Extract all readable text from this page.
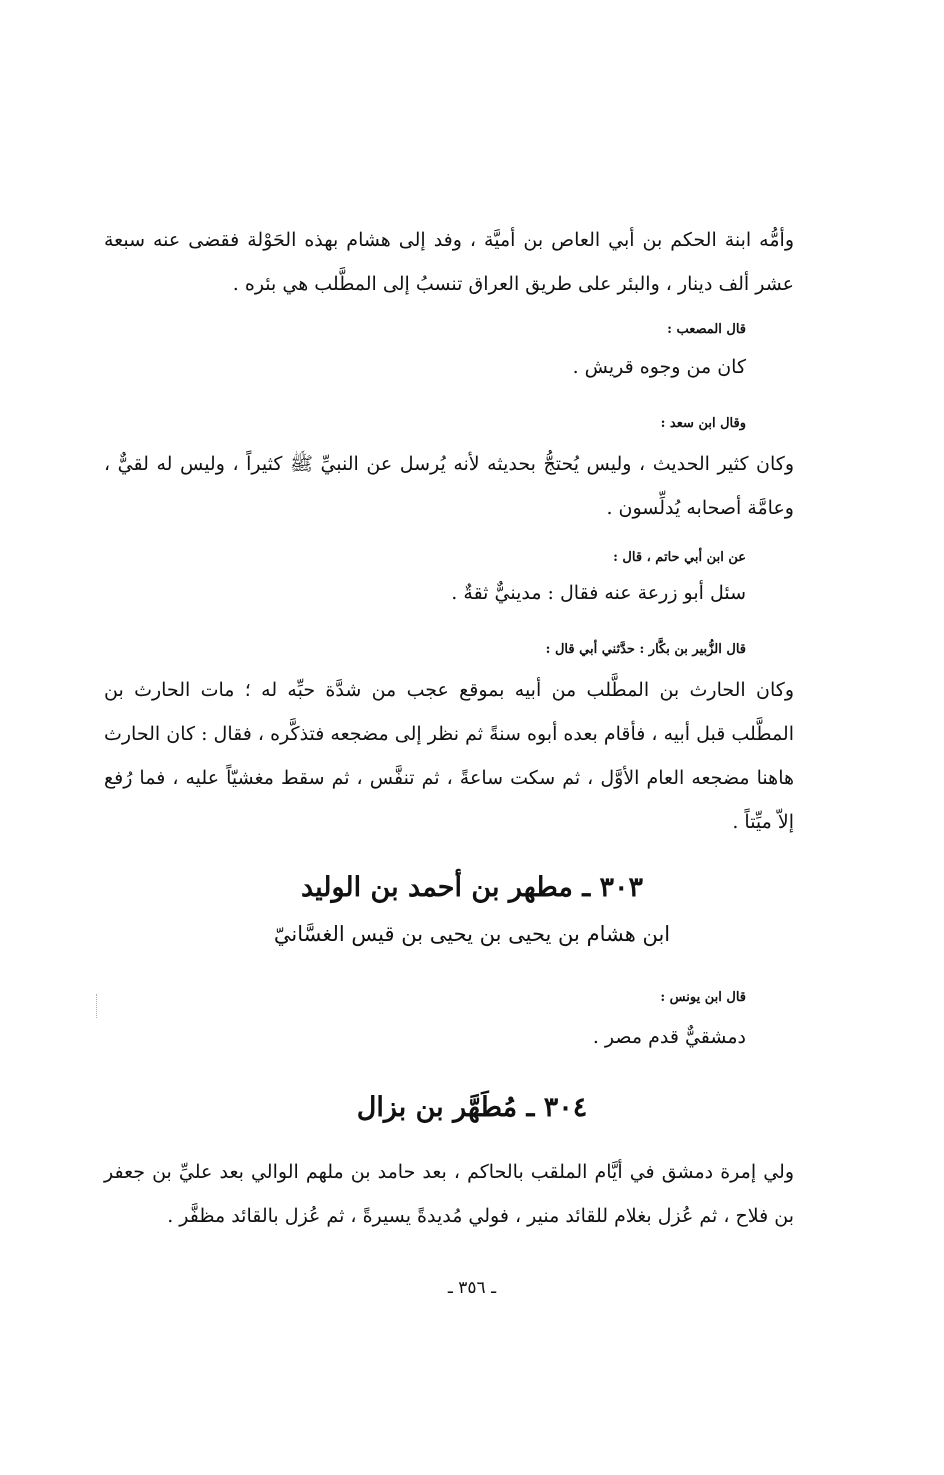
وأمُّه ابنة الحكم بن أبي العاص بن أميَّة ، وفد إلى هشام بهذه الحَوْلة فقضى عنه سبعة عشر ألف دينار ، والبئر على طريق العراق تنسبُ إلى المطَّلب هي بئره .
قال المصعب :
كان من وجوه قريش .
وقال ابن سعد :
وكان كثير الحديث ، وليس يُحتجُّ بحديثه لأنه يُرسل عن النبيِّ ﷺ كثيراً ، وليس له لقيٌّ ، وعامَّة أصحابه يُدلِّسون .
عن ابن أبي حاتم ، قال :
سئل أبو زرعة عنه فقال : مدينيٌّ ثقةٌ .
قال الزُّبير بن بكَّار : حدَّثني أبي قال :
وكان الحارث بن المطَّلب من أبيه بموقع عجب من شدَّة حبِّه له ؛ مات الحارث بن المطَّلب قبل أبيه ، فأقام بعده أبوه سنةً ثم نظر إلى مضجعه فتذكَّره ، فقال : كان الحارث هاهنا مضجعه العام الأوَّل ، ثم سكت ساعةً ، ثم تنفَّس ، ثم سقط مغشيّاً عليه ، فما رُفع إلاّ ميِّتاً .
٣٠٣ ـ مطهر بن أحمد بن الوليد
ابن هشام بن يحيى بن يحيى بن قيس الغسَّانيّ
قال ابن يونس :
دمشقيٌّ قدم مصر .
٣٠٤ ـ مُطَهَّر بن بزال
ولي إمرة دمشق في أيَّام الملقب بالحاكم ، بعد حامد بن ملهم الوالي بعد عليِّ بن جعفر بن فلاح ، ثم عُزل بغلام للقائد منير ، فولي مُديدةً يسيرةً ، ثم عُزل بالقائد مظفَّر .
ـ ٣٥٦ ـ
